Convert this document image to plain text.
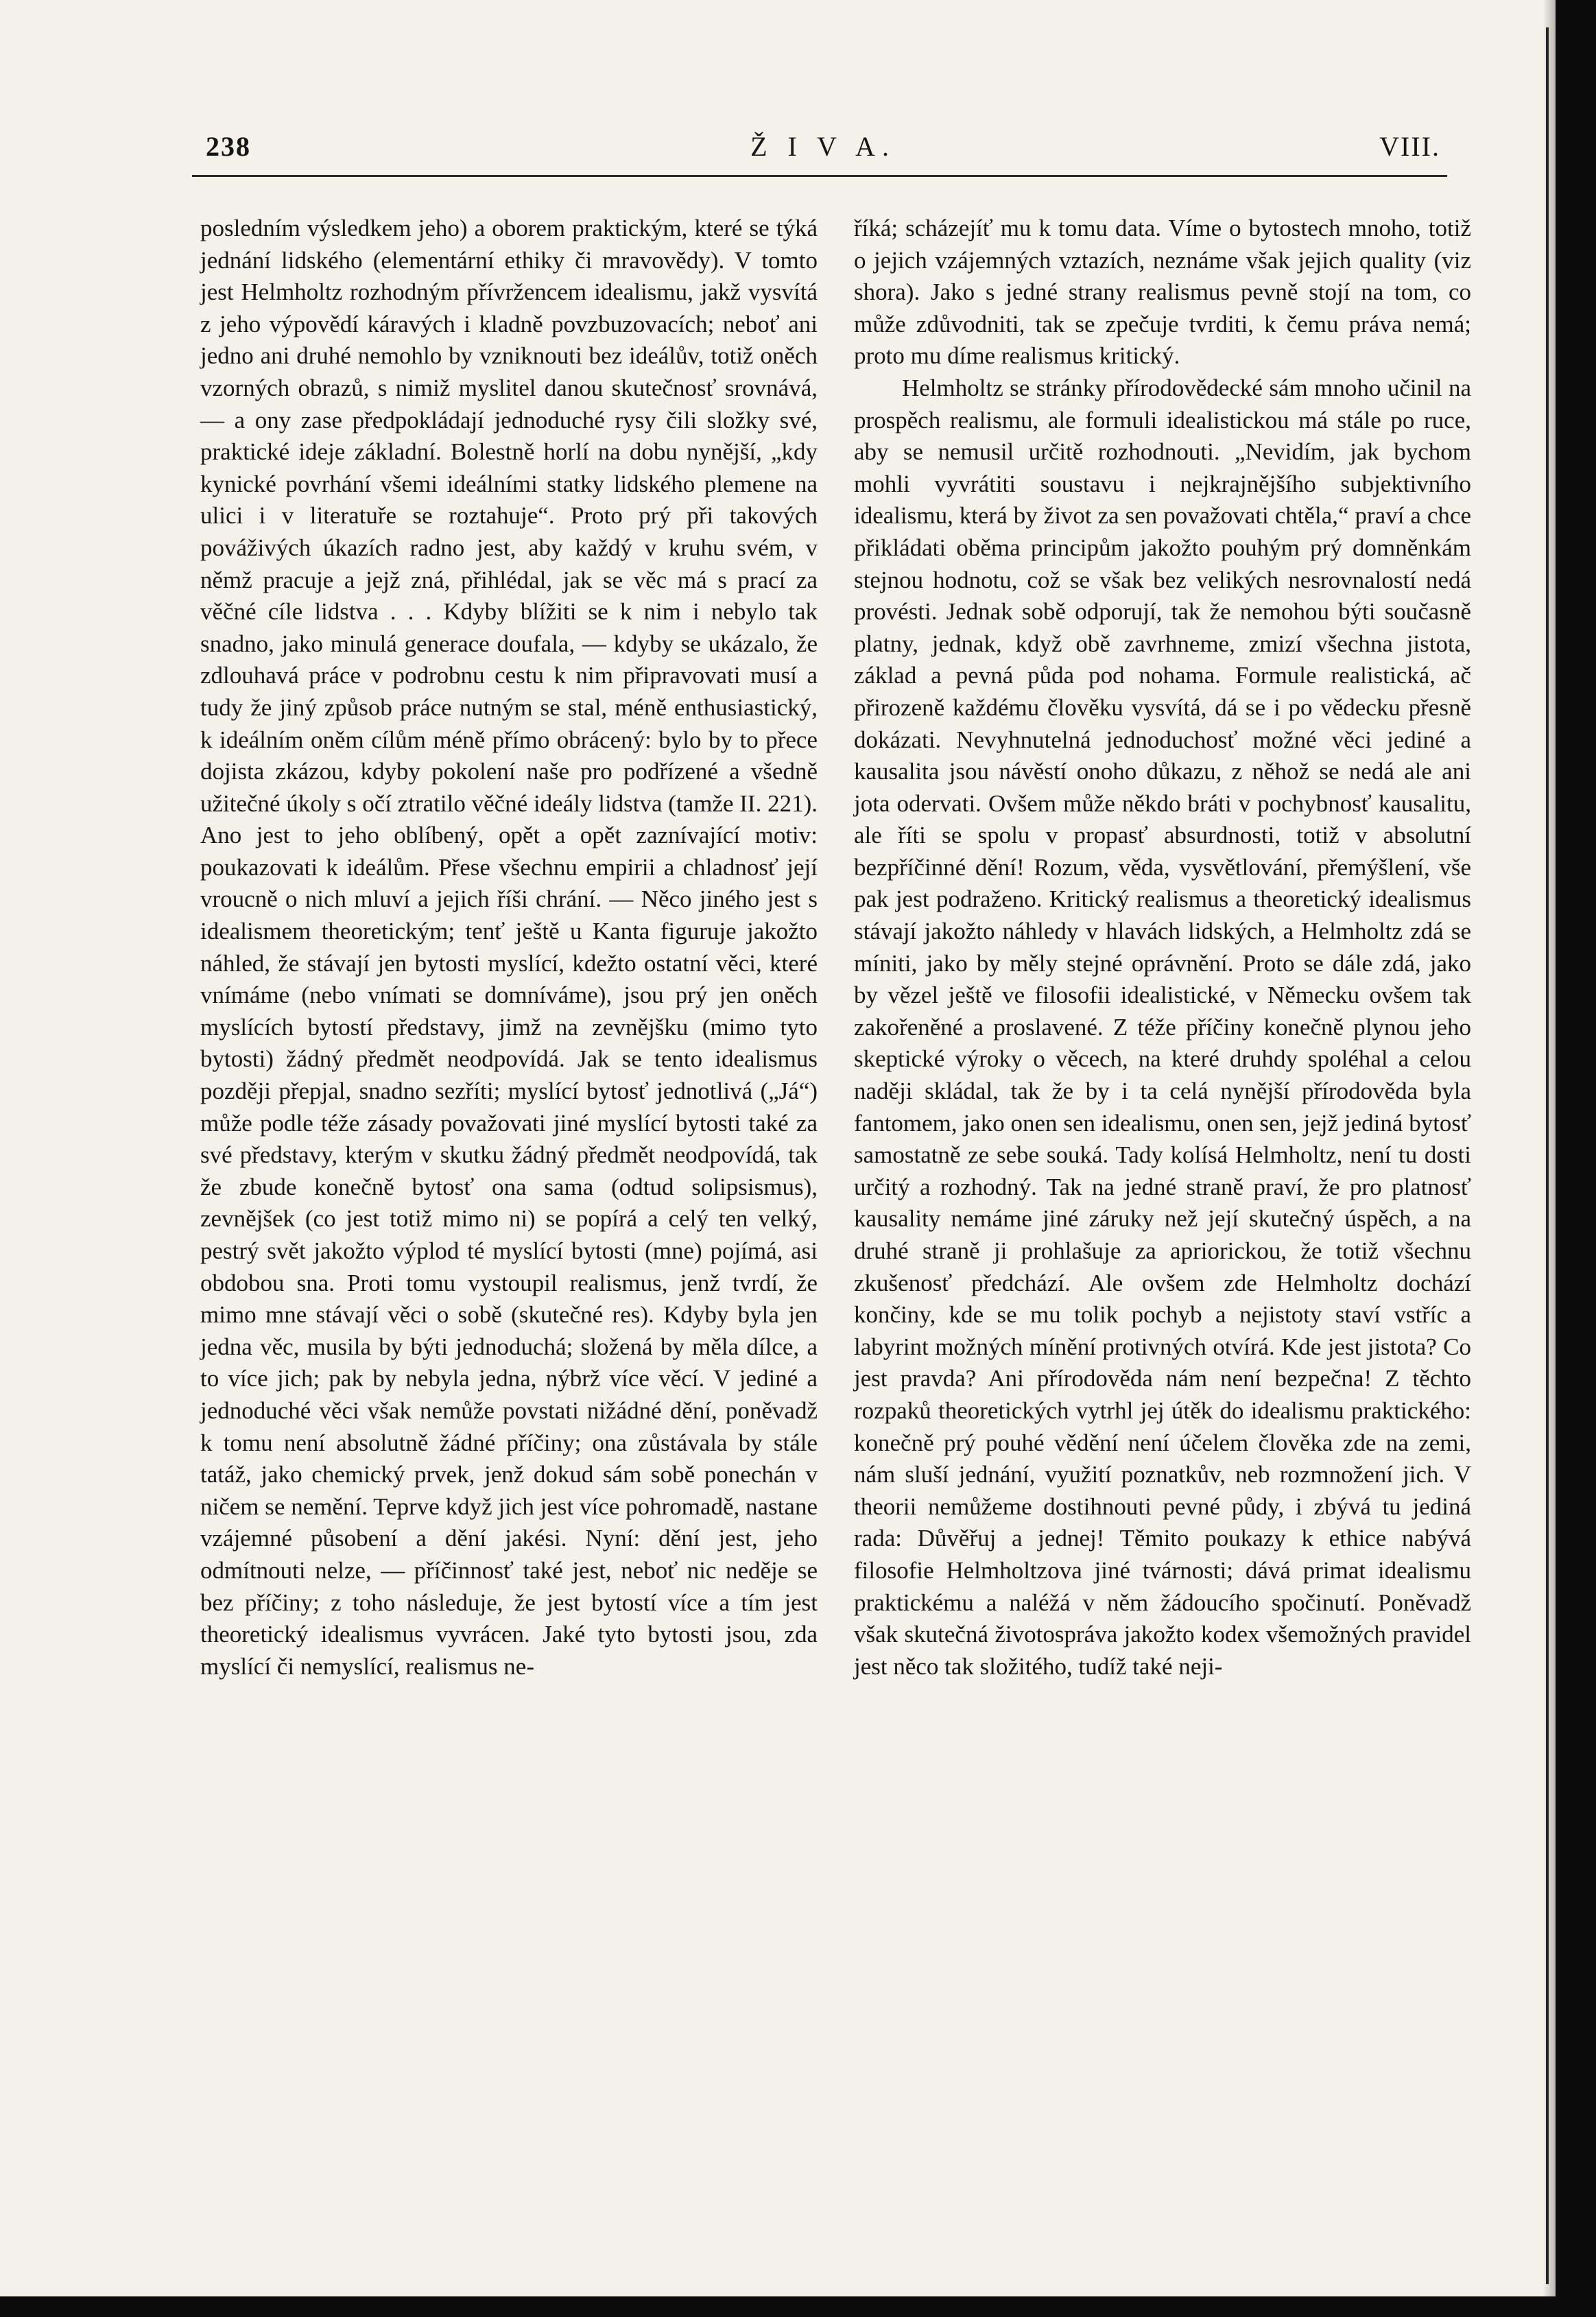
238	Ž I V A.	VIII.

posledním výsledkem jeho) a oborem praktickým, které se týká jednání lidského (elementární ethiky či mravovědy). V tomto jest Helmholtz rozhodným přívržencem idealismu, jakž vysvítá z jeho výpovědí káravých i kladně povzbuzovacích; neboť ani jedno ani druhé nemohlo by vzniknouti bez ideálův, totiž oněch vzorných obrazů, s nimiž myslitel danou skutečnosť srovnává, — a ony zase předpokládají jednoduché rysy čili složky své, praktické ideje základní. Bolestně horlí na dobu nynější, „kdy kynické povrhání všemi ideálními statky lidského plemene na ulici i v literatuře se roztahuje“. Proto prý při takových pováživých úkazích radno jest, aby každý v kruhu svém, v němž pracuje a jejž zná, přihlédal, jak se věc má s prací za věčné cíle lidstva . . . Kdyby blížiti se k nim i nebylo tak snadno, jako minulá generace doufala, — kdyby se ukázalo, že zdlouhavá práce v podrobnu cestu k nim připravovati musí a tudy že jiný způsob práce nutným se stal, méně enthusiastický, k ideálním oněm cílům méně přímo obrácený: bylo by to přece dojista zkázou, kdyby pokolení naše pro podřízené a všedně užitečné úkoly s očí ztratilo věčné ideály lidstva (tamže II. 221). Ano jest to jeho oblíbený, opět a opět zaznívající motiv: poukazovati k ideálům. Přese všechnu empirii a chladnosť její vroucně o nich mluví a jejich říši chrání. — Něco jiného jest s idealismem theoretickým; tenť ještě u Kanta figuruje jakožto náhled, že stávají jen bytosti myslící, kdežto ostatní věci, které vnímáme (nebo vnímati se domníváme), jsou prý jen oněch myslících bytostí představy, jimž na zevnějšku (mimo tyto bytosti) žádný předmět neodpovídá. Jak se tento idealismus později přepjal, snadno sezříti; myslící bytosť jednotlivá („Já“) může podle téže zásady považovati jiné myslící bytosti také za své představy, kterým v skutku žádný předmět neodpovídá, tak že zbude konečně bytosť ona sama (odtud solipsismus), zevnějšek (co jest totiž mimo ni) se popírá a celý ten velký, pestrý svět jakožto výplod té myslící bytosti (mne) pojímá, asi obdobou sna. Proti tomu vystoupil realismus, jenž tvrdí, že mimo mne stávají věci o sobě (skutečné res). Kdyby byla jen jedna věc, musila by býti jednoduchá; složená by měla dílce, a to více jich; pak by nebyla jedna, nýbrž více věcí. V jediné a jednoduché věci však nemůže povstati nižádné dění, poněvadž k tomu není absolutně žádné příčiny; ona zůstávala by stále tatáž, jako chemický prvek, jenž dokud sám sobě ponechán v ničem se nemění. Teprve když jich jest více pohromadě, nastane vzájemné působení a dění jakési. Nyní: dění jest, jeho odmítnouti nelze, — příčinnosť také jest, neboť nic neděje se bez příčiny; z toho následuje, že jest bytostí více a tím jest theoretický idealismus vyvrácen. Jaké tyto bytosti jsou, zda myslící či nemyslící, realismus ne-

říká; scházejíť mu k tomu data. Víme o bytostech mnoho, totiž o jejich vzájemných vztazích, neznáme však jejich quality (viz shora). Jako s jedné strany realismus pevně stojí na tom, co může zdůvodniti, tak se zpečuje tvrditi, k čemu práva nemá; proto mu díme realismus kritický.

Helmholtz se stránky přírodovědecké sám mnoho učinil na prospěch realismu, ale formuli idealistickou má stále po ruce, aby se nemusil určitě rozhodnouti. „Nevidím, jak bychom mohli vyvrátiti soustavu i nejkrajnějšího subjektivního idealismu, která by život za sen považovati chtěla,“ praví a chce přikládati oběma principům jakožto pouhým prý domněnkám stejnou hodnotu, což se však bez velikých nesrovnalostí nedá provésti. Jednak sobě odporují, tak že nemohou býti současně platny, jednak, když obě zavrhneme, zmizí všechna jistota, základ a pevná půda pod nohama. Formule realistická, ač přirozeně každému člověku vysvítá, dá se i po vědecku přesně dokázati. Nevyhnutelná jednoduchosť možné věci jediné a kausalita jsou návěstí onoho důkazu, z něhož se nedá ale ani jota odervati. Ovšem může někdo bráti v pochybnosť kausalitu, ale říti se spolu v propasť absurdnosti, totiž v absolutní bezpříčinné dění! Rozum, věda, vysvětlování, přemýšlení, vše pak jest podraženo. Kritický realismus a theoretický idealismus stávají jakožto náhledy v hlavách lidských, a Helmholtz zdá se míniti, jako by měly stejné oprávnění. Proto se dále zdá, jako by vězel ještě ve filosofii idealistické, v Německu ovšem tak zakořeněné a proslavené. Z téže příčiny konečně plynou jeho skeptické výroky o věcech, na které druhdy spoléhal a celou naději skládal, tak že by i ta celá nynější přírodověda byla fantomem, jako onen sen idealismu, onen sen, jejž jediná bytosť samostatně ze sebe souká. Tady kolísá Helmholtz, není tu dosti určitý a rozhodný. Tak na jedné straně praví, že pro platnosť kausality nemáme jiné záruky než její skutečný úspěch, a na druhé straně ji prohlašuje za apriorickou, že totiž všechnu zkušenosť předchází. Ale ovšem zde Helmholtz dochází končiny, kde se mu tolik pochyb a nejistoty staví vstříc a labyrint možných mínění protivných otvírá. Kde jest jistota? Co jest pravda? Ani přírodověda nám není bezpečna! Z těchto rozpaků theoretických vytrhl jej útěk do idealismu praktického: konečně prý pouhé vědění není účelem člověka zde na zemi, nám sluší jednání, využití poznatkův, neb rozmnožení jich. V theorii nemůžeme dostihnouti pevné půdy, i zbývá tu jediná rada: Důvěřuj a jednej! Těmito poukazy k ethice nabývá filosofie Helmholtzova jiné tvárnosti; dává primat idealismu praktickému a naléžá v něm žádoucího spočinutí. Poněvadž však skutečná životospráva jakožto kodex všemožných pravidel jest něco tak složitého, tudíž také neji-
